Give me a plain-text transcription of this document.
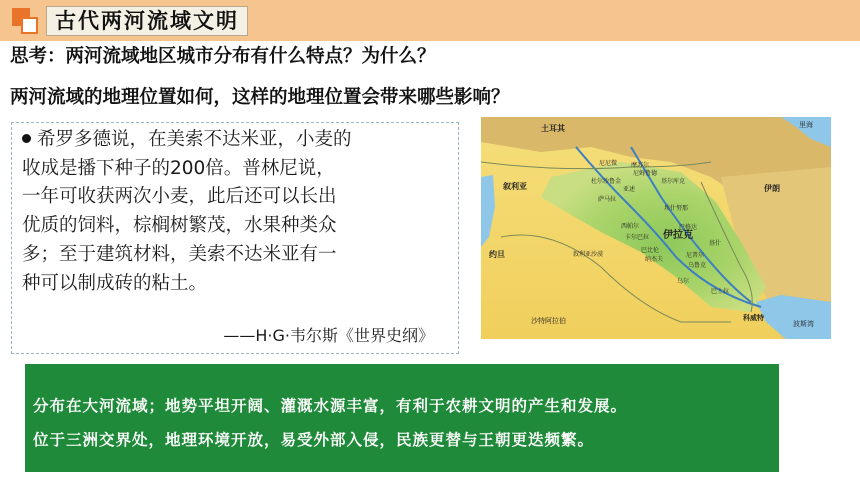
古代两河流域文明
思考：两河流域地区城市分布有什么特点？为什么？
两河流域的地理位置如何，这样的地理位置会带来哪些影响？
希罗多德说，在美索不达米亚，小麦的
收成是播下种子的200倍。普林尼说，
一年可收获两次小麦，此后还可以长出
优质的饲料，棕榈树繁茂，水果种类众
多；至于建筑材料，美索不达米亚有一
种可以制成砖的粘土。
——H·G·韦尔斯《世界史纲》
土耳其
叙利亚	伊朗
约旦
伊拉克
沙特阿拉伯	科威特
里海
波斯湾
尼尼微 摩苏尔
尼姆鲁德
亚述
基尔库克
杜尔沙鲁金
萨马拉
埃什努那
西帕尔	巴格达
卡尔巴拉
叙利亚沙漠
巴比伦
基什
尼普尔
纳杰夫
乌鲁克
乌尔
巴士拉
分布在大河流域；地势平坦开阔、灌溉水源丰富，有利于农耕文明的产生和发展。
位于三洲交界处，地理环境开放，易受外部入侵，民族更替与王朝更迭频繁。
